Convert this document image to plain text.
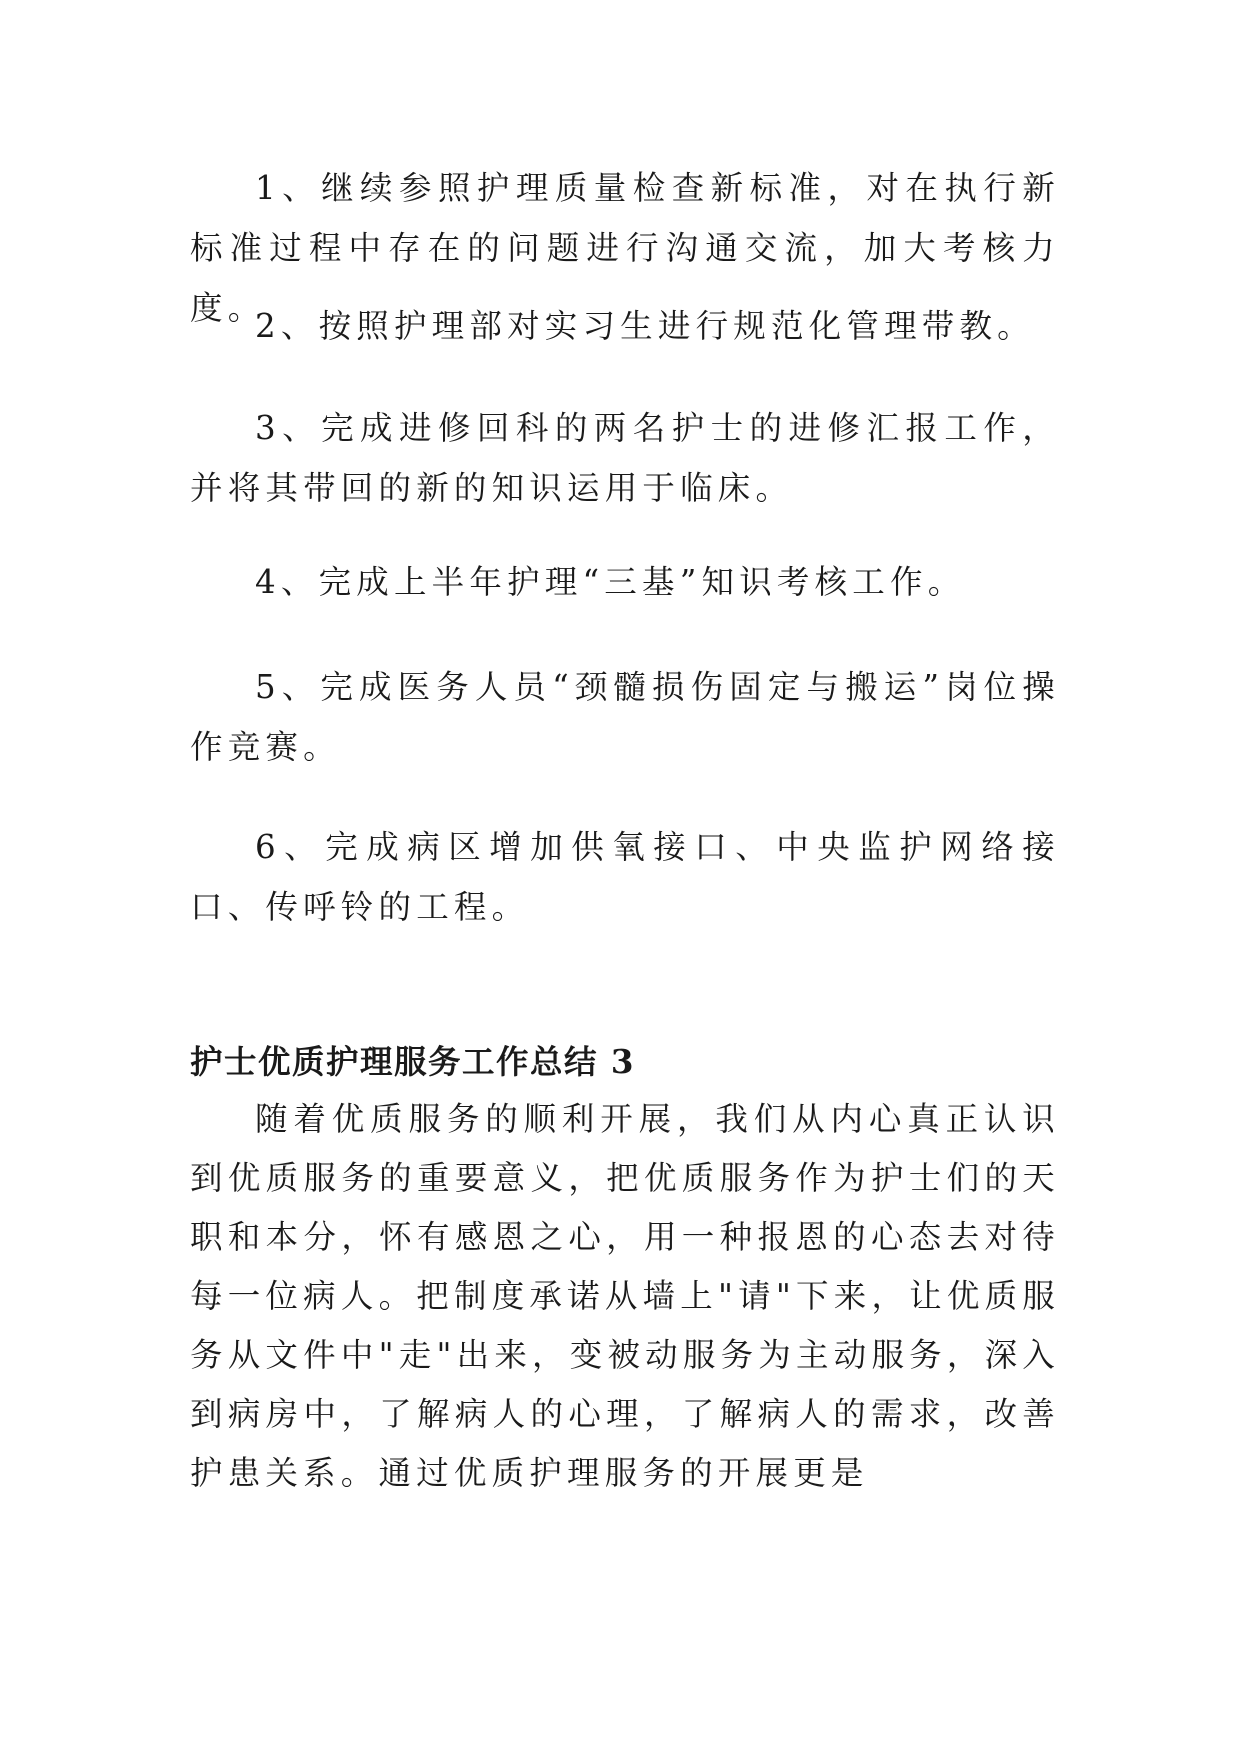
1、继续参照护理质量检查新标准，对在执行新标准过程中存在的问题进行沟通交流，加大考核力度。

2、按照护理部对实习生进行规范化管理带教。

3、完成进修回科的两名护士的进修汇报工作，并将其带回的新的知识运用于临床。

4、完成上半年护理“三基”知识考核工作。

5、完成医务人员“颈髓损伤固定与搬运”岗位操作竞赛。

6、完成病区增加供氧接口、中央监护网络接口、传呼铃的工程。

护士优质护理服务工作总结 3

随着优质服务的顺利开展，我们从内心真正认识到优质服务的重要意义，把优质服务作为护士们的天职和本分，怀有感恩之心，用一种报恩的心态去对待每一位病人。把制度承诺从墙上"请"下来，让优质服务从文件中"走"出来，变被动服务为主动服务，深入到病房中，了解病人的心理，了解病人的需求，改善护患关系。通过优质护理服务的开展更是
